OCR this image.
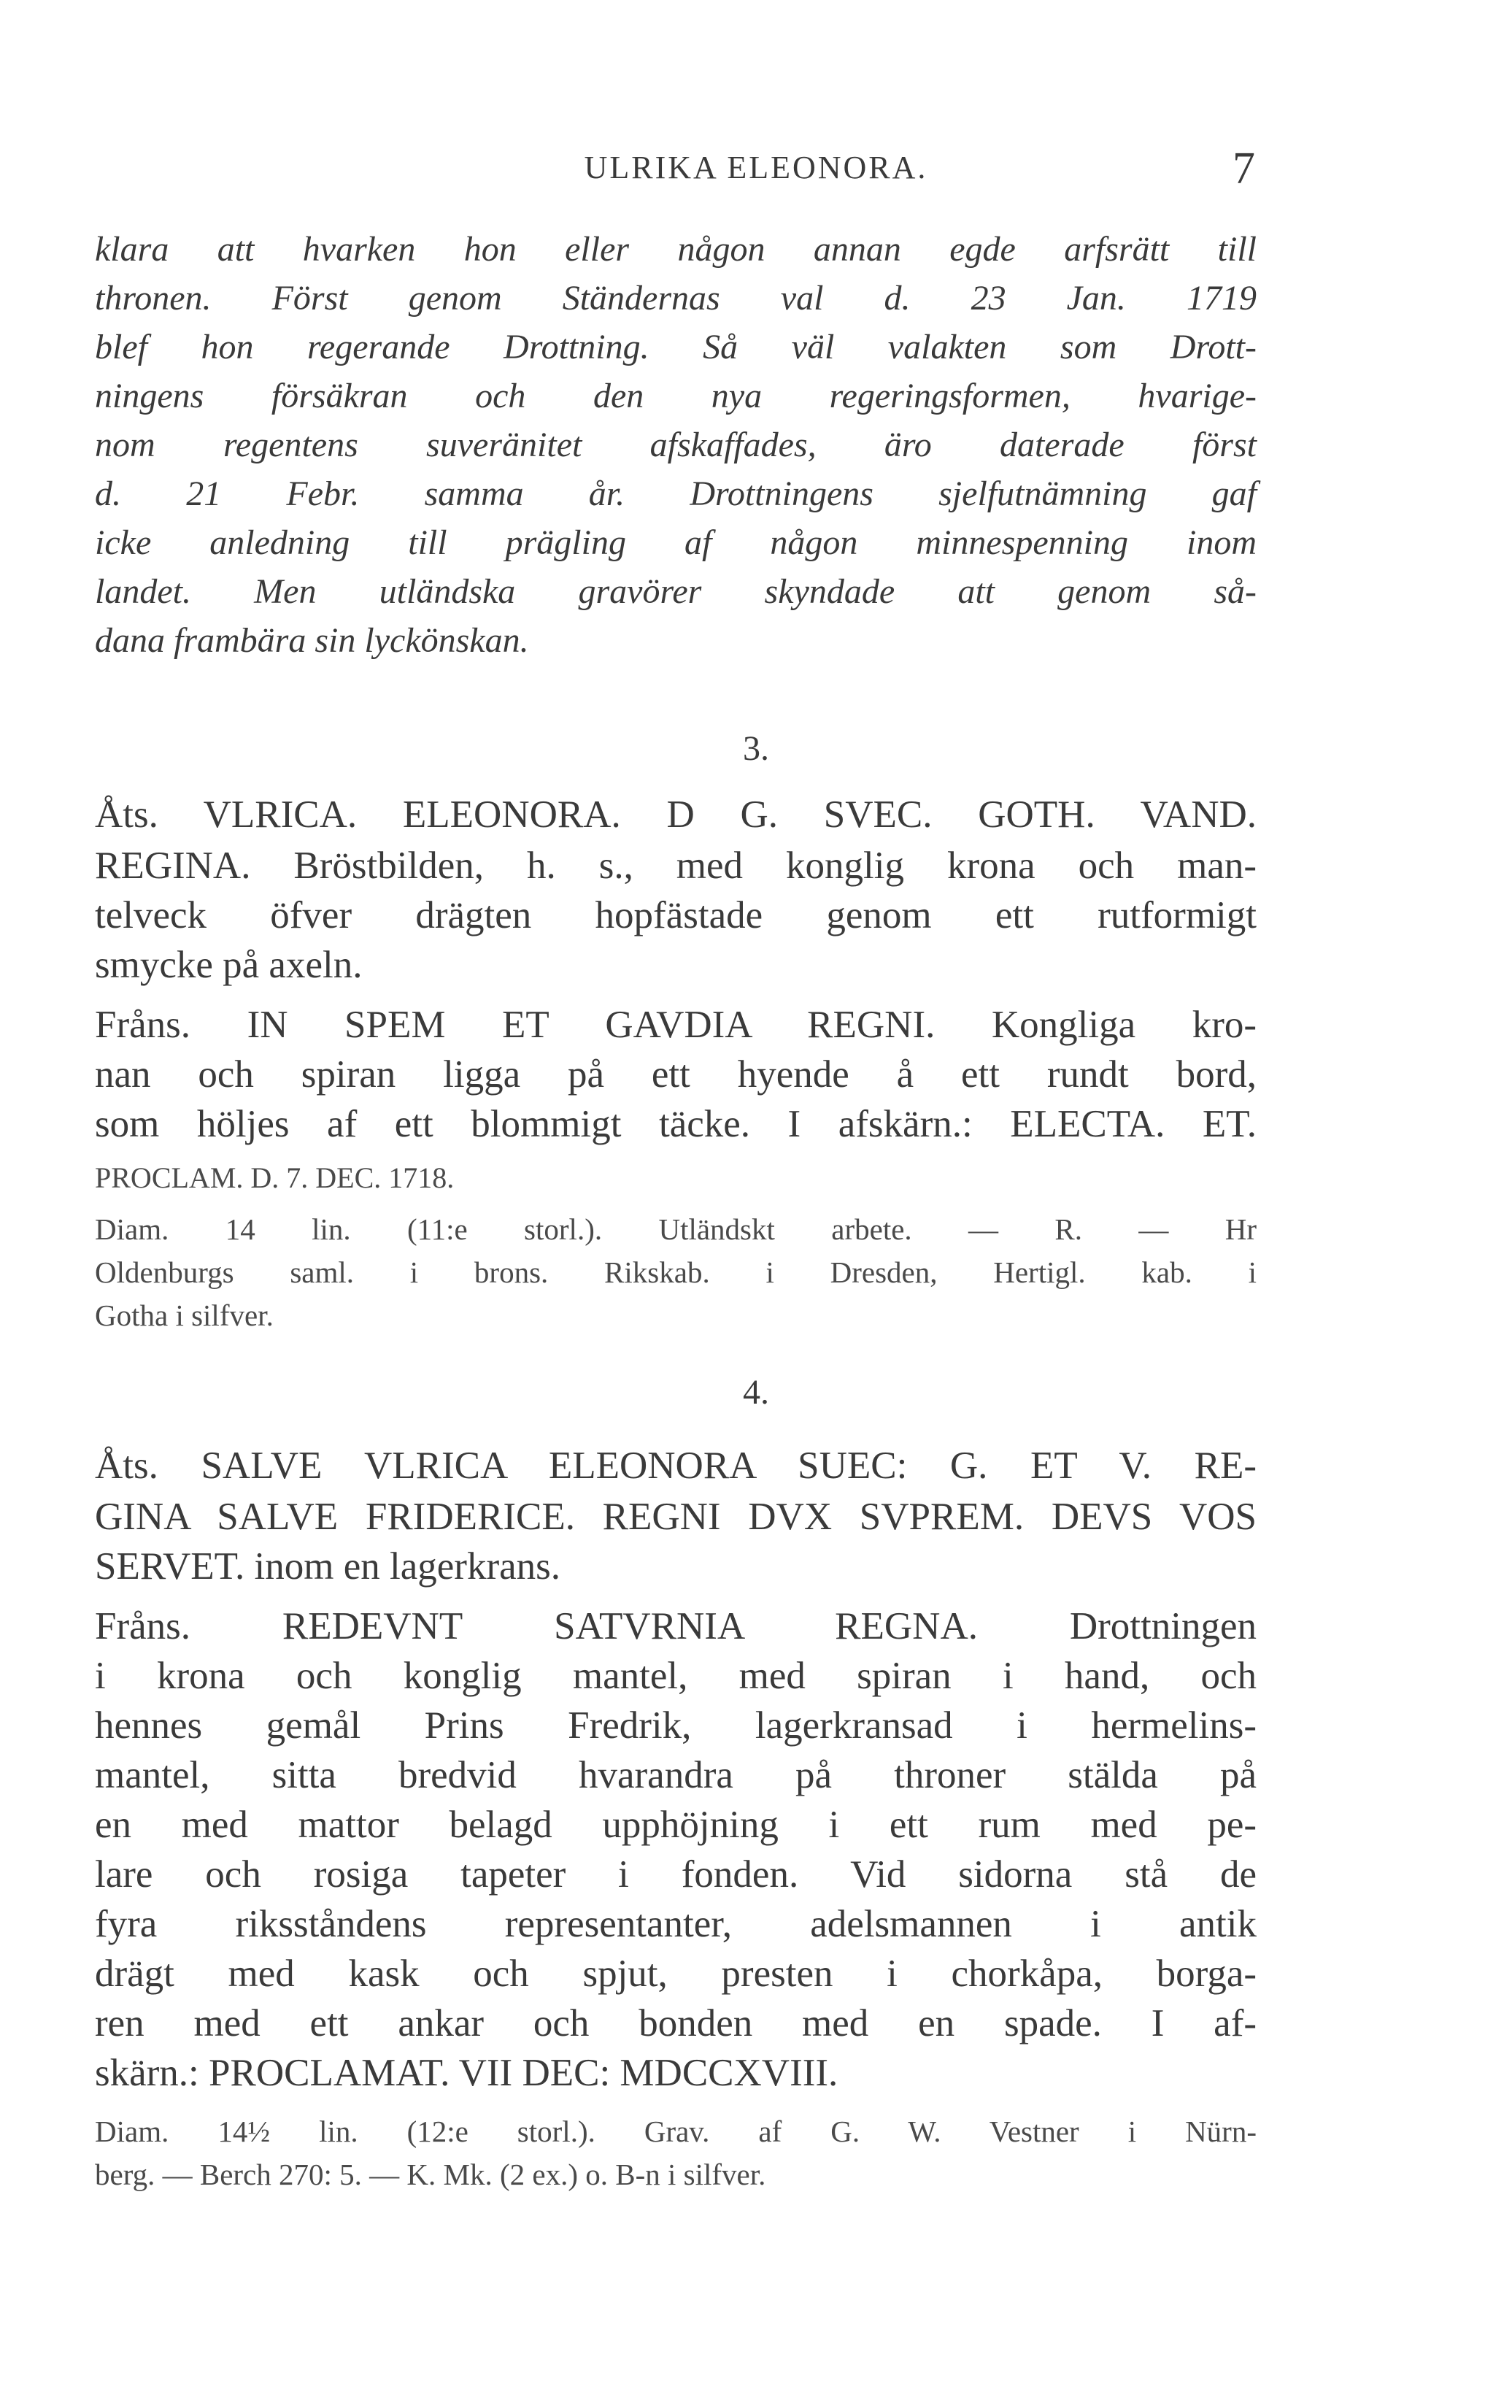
ULRIKA ELEONORA.	7

klara att hvarken hon eller någon annan egde arfsrätt till

thronen. Först genom Ständernas val d. 23 Jan. 1719

blef hon regerande Drottning. Så väl valakten som Drott-

ningens försäkran och den nya regeringsformen, hvarige-

nom regentens suveränitet afskaffades, äro daterade först

d. 21 Febr. samma år. Drottningens sjelfutnämning gaf

icke anledning till prägling af någon minnespenning inom

landet. Men utländska gravörer skyndade att genom så-

dana frambära sin lyckönskan.

3.

Åts. VLRICA. ELEONORA. D G. SVEC. GOTH. VAND.

REGINA. Bröstbilden, h. s., med konglig krona och man-

telveck öfver drägten hopfästade genom ett rutformigt

smycke på axeln.

Fråns. IN SPEM ET GAVDIA REGNI. Kongliga kro-

nan och spiran ligga på ett hyende å ett rundt bord,

som höljes af ett blommigt täcke. I afskärn.: ELECTA. ET.

PROCLAM. D. 7. DEC. 1718.

Diam. 14 lin. (11:e storl.). Utländskt arbete. — R. — Hr

Oldenburgs saml. i brons. Rikskab. i Dresden, Hertigl. kab. i

Gotha i silfver.

4.

Åts. SALVE VLRICA ELEONORA SUEC: G. ET V. RE-

GINA SALVE FRIDERICE. REGNI DVX SVPREM. DEVS VOS

SERVET. inom en lagerkrans.

Fråns. REDEVNT SATVRNIA REGNA. Drottningen

i krona och konglig mantel, med spiran i hand, och

hennes gemål Prins Fredrik, lagerkransad i hermelins-

mantel, sitta bredvid hvarandra på throner stälda på

en med mattor belagd upphöjning i ett rum med pe-

lare och rosiga tapeter i fonden. Vid sidorna stå de

fyra riksståndens representanter, adelsmannen i antik

drägt med kask och spjut, presten i chorkåpa, borga-

ren med ett ankar och bonden med en spade. I af-

skärn.: PROCLAMAT. VII DEC: MDCCXVIII.

Diam. 14½ lin. (12:e storl.). Grav. af G. W. Vestner i Nürn-

berg. — Berch 270: 5. — K. Mk. (2 ex.) o. B-n i silfver.
